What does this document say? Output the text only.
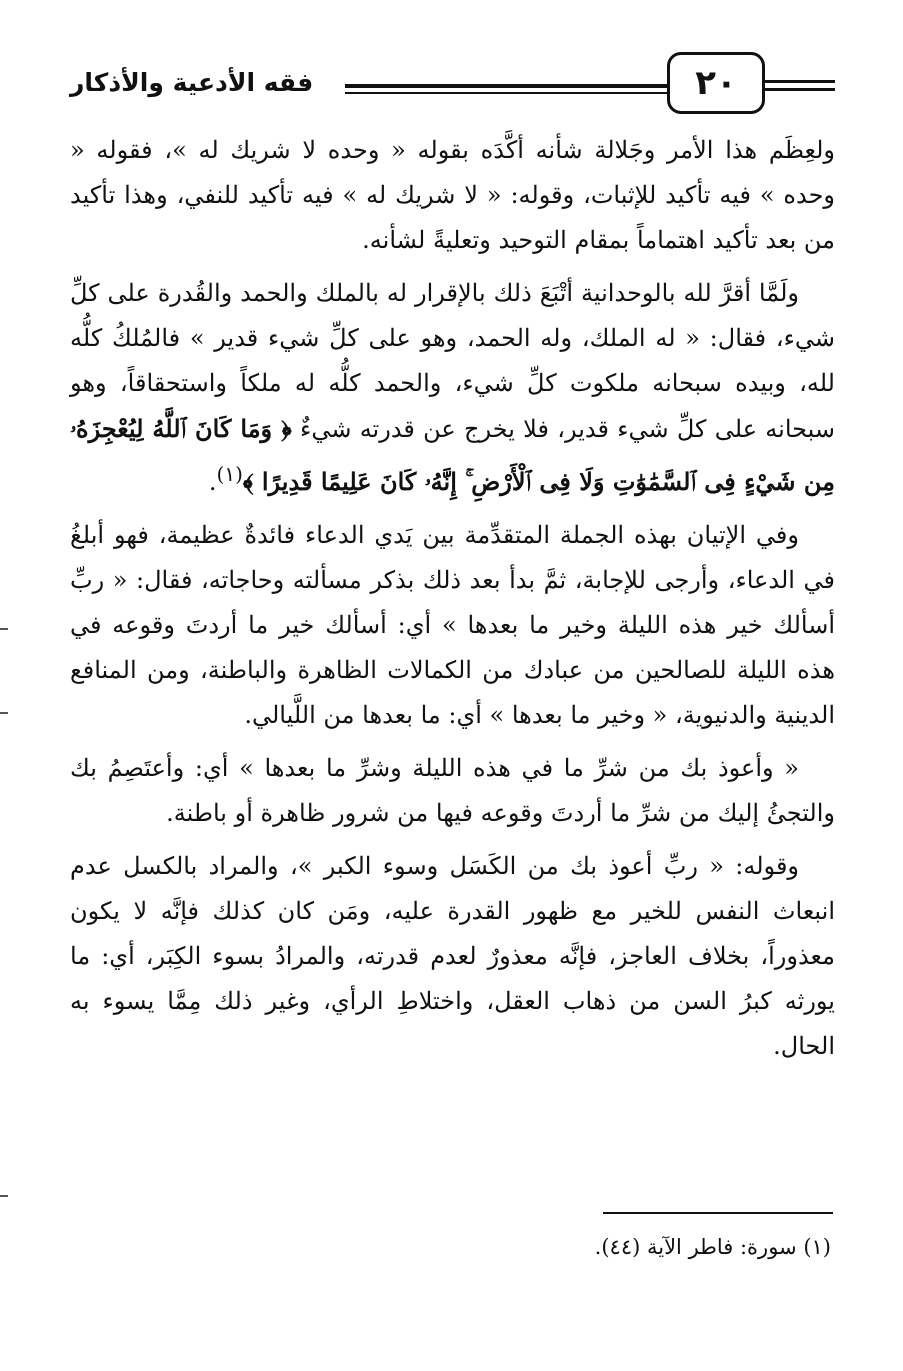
٢٠
فقه الأدعية والأذكار

ولعِظَم هذا الأمر وجَلالة شأنه أكَّدَه بقوله « وحده لا شريك له »، فقوله « وحده » فيه تأكيد للإثبات، وقوله: « لا شريك له » فيه تأكيد للنفي، وهذا تأكيد من بعد تأكيد اهتماماً بمقام التوحيد وتعليةً لشأنه.

ولَمَّا أقرَّ لله بالوحدانية أتْبَعَ ذلك بالإقرار له بالملك والحمد والقُدرة على كلِّ شيء، فقال: « له الملك، وله الحمد، وهو على كلِّ شيء قدير » فالمُلكُ كلُّه لله، وبيده سبحانه ملكوت كلِّ شيء، والحمد كلُّه له ملكاً واستحقاقاً، وهو سبحانه على كلِّ شيء قدير، فلا يخرج عن قدرته شيءٌ ﴿ وَمَا كَانَ ٱللَّهُ لِيُعْجِزَهُۥ مِن شَيْءٍ فِى ٱلسَّمَٰوَٰتِ وَلَا فِى ٱلْأَرْضِ ۚ إِنَّهُۥ كَانَ عَلِيمًا قَدِيرًا ﴾$^{(١)}$.

وفي الإتيان بهذه الجملة المتقدِّمة بين يَدي الدعاء فائدةٌ عظيمة، فهو أبلغُ في الدعاء، وأرجى للإجابة، ثمَّ بدأ بعد ذلك بذكر مسألته وحاجاته، فقال: « ربِّ أسألك خير هذه الليلة وخير ما بعدها » أي: أسألك خير ما أردتَ وقوعه في هذه الليلة للصالحين من عبادك من الكمالات الظاهرة والباطنة، ومن المنافع الدينية والدنيوية، « وخير ما بعدها » أي: ما بعدها من اللَّيالي.

« وأعوذ بك من شرِّ ما في هذه الليلة وشرِّ ما بعدها » أي: وأعتَصِمُ بك والتجئُ إليك من شرِّ ما أردتَ وقوعه فيها من شرور ظاهرة أو باطنة.

وقوله: « ربِّ أعوذ بك من الكَسَل وسوء الكبر »، والمراد بالكسل عدم انبعاث النفس للخير مع ظهور القدرة عليه، ومَن كان كذلك فإنَّه لا يكون معذوراً، بخلاف العاجز، فإنَّه معذورٌ لعدم قدرته، والمرادُ بسوء الكِبَر، أي: ما يورثه كبرُ السن من ذهاب العقل، واختلاطِ الرأي، وغير ذلك مِمَّا يسوء به الحال.

(١) سورة: فاطر الآية (٤٤).
